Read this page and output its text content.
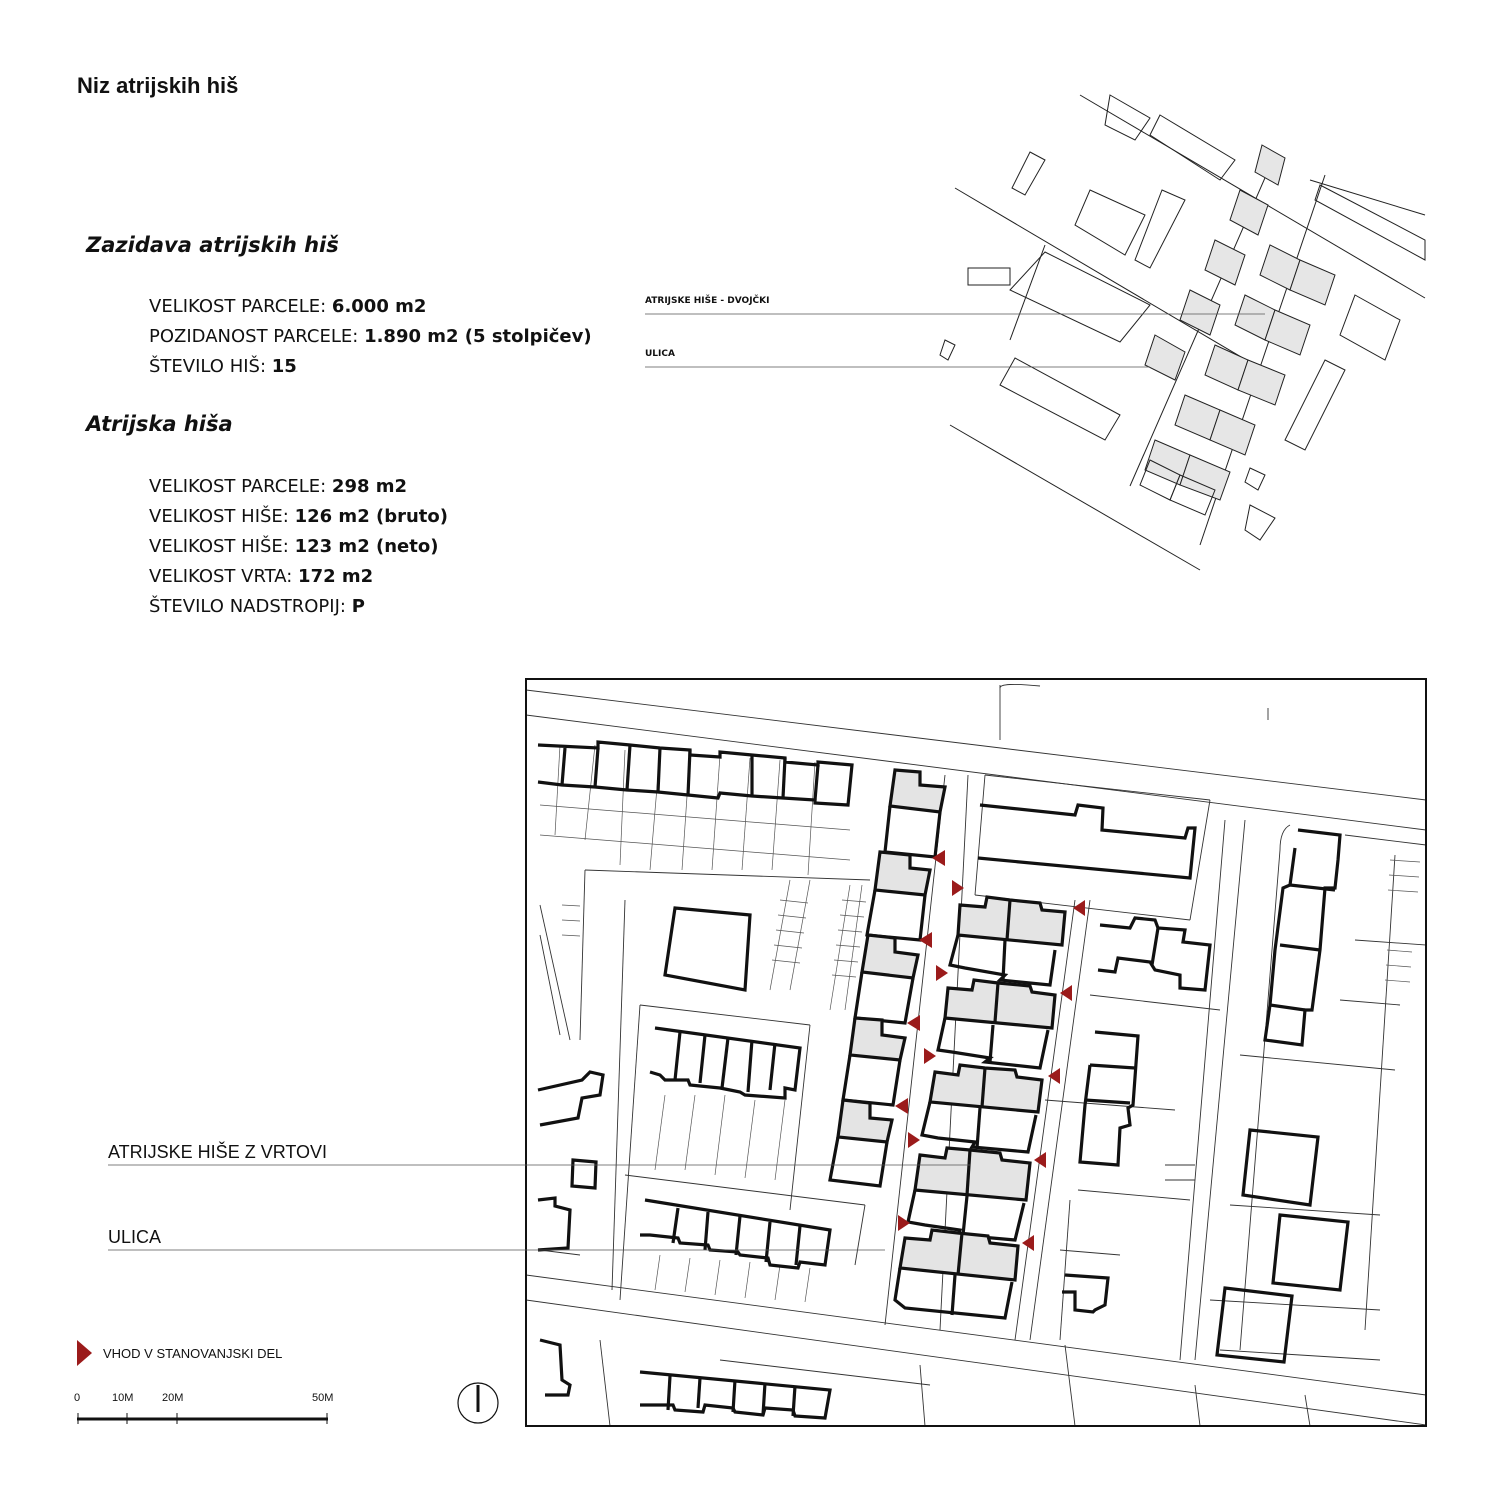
Niz atrijskih hiš
Zazidava atrijskih hiš
VELIKOST PARCELE: 6.000 m2
POZIDANOST PARCELE: 1.890 m2 (5 stolpičev)
ŠTEVILO HIŠ: 15
Atrijska hiša
VELIKOST PARCELE: 298 m2
VELIKOST HIŠE: 126 m2 (bruto)
VELIKOST HIŠE: 123 m2 (neto)
VELIKOST VRTA: 172 m2
ŠTEVILO NADSTROPIJ: P
ATRIJSKE HIŠE - DVOJČKI
ULICA
ATRIJSKE HIŠE Z VRTOVI
ULICA
VHOD V STANOVANJSKI DEL
0	10M	20M	50M
